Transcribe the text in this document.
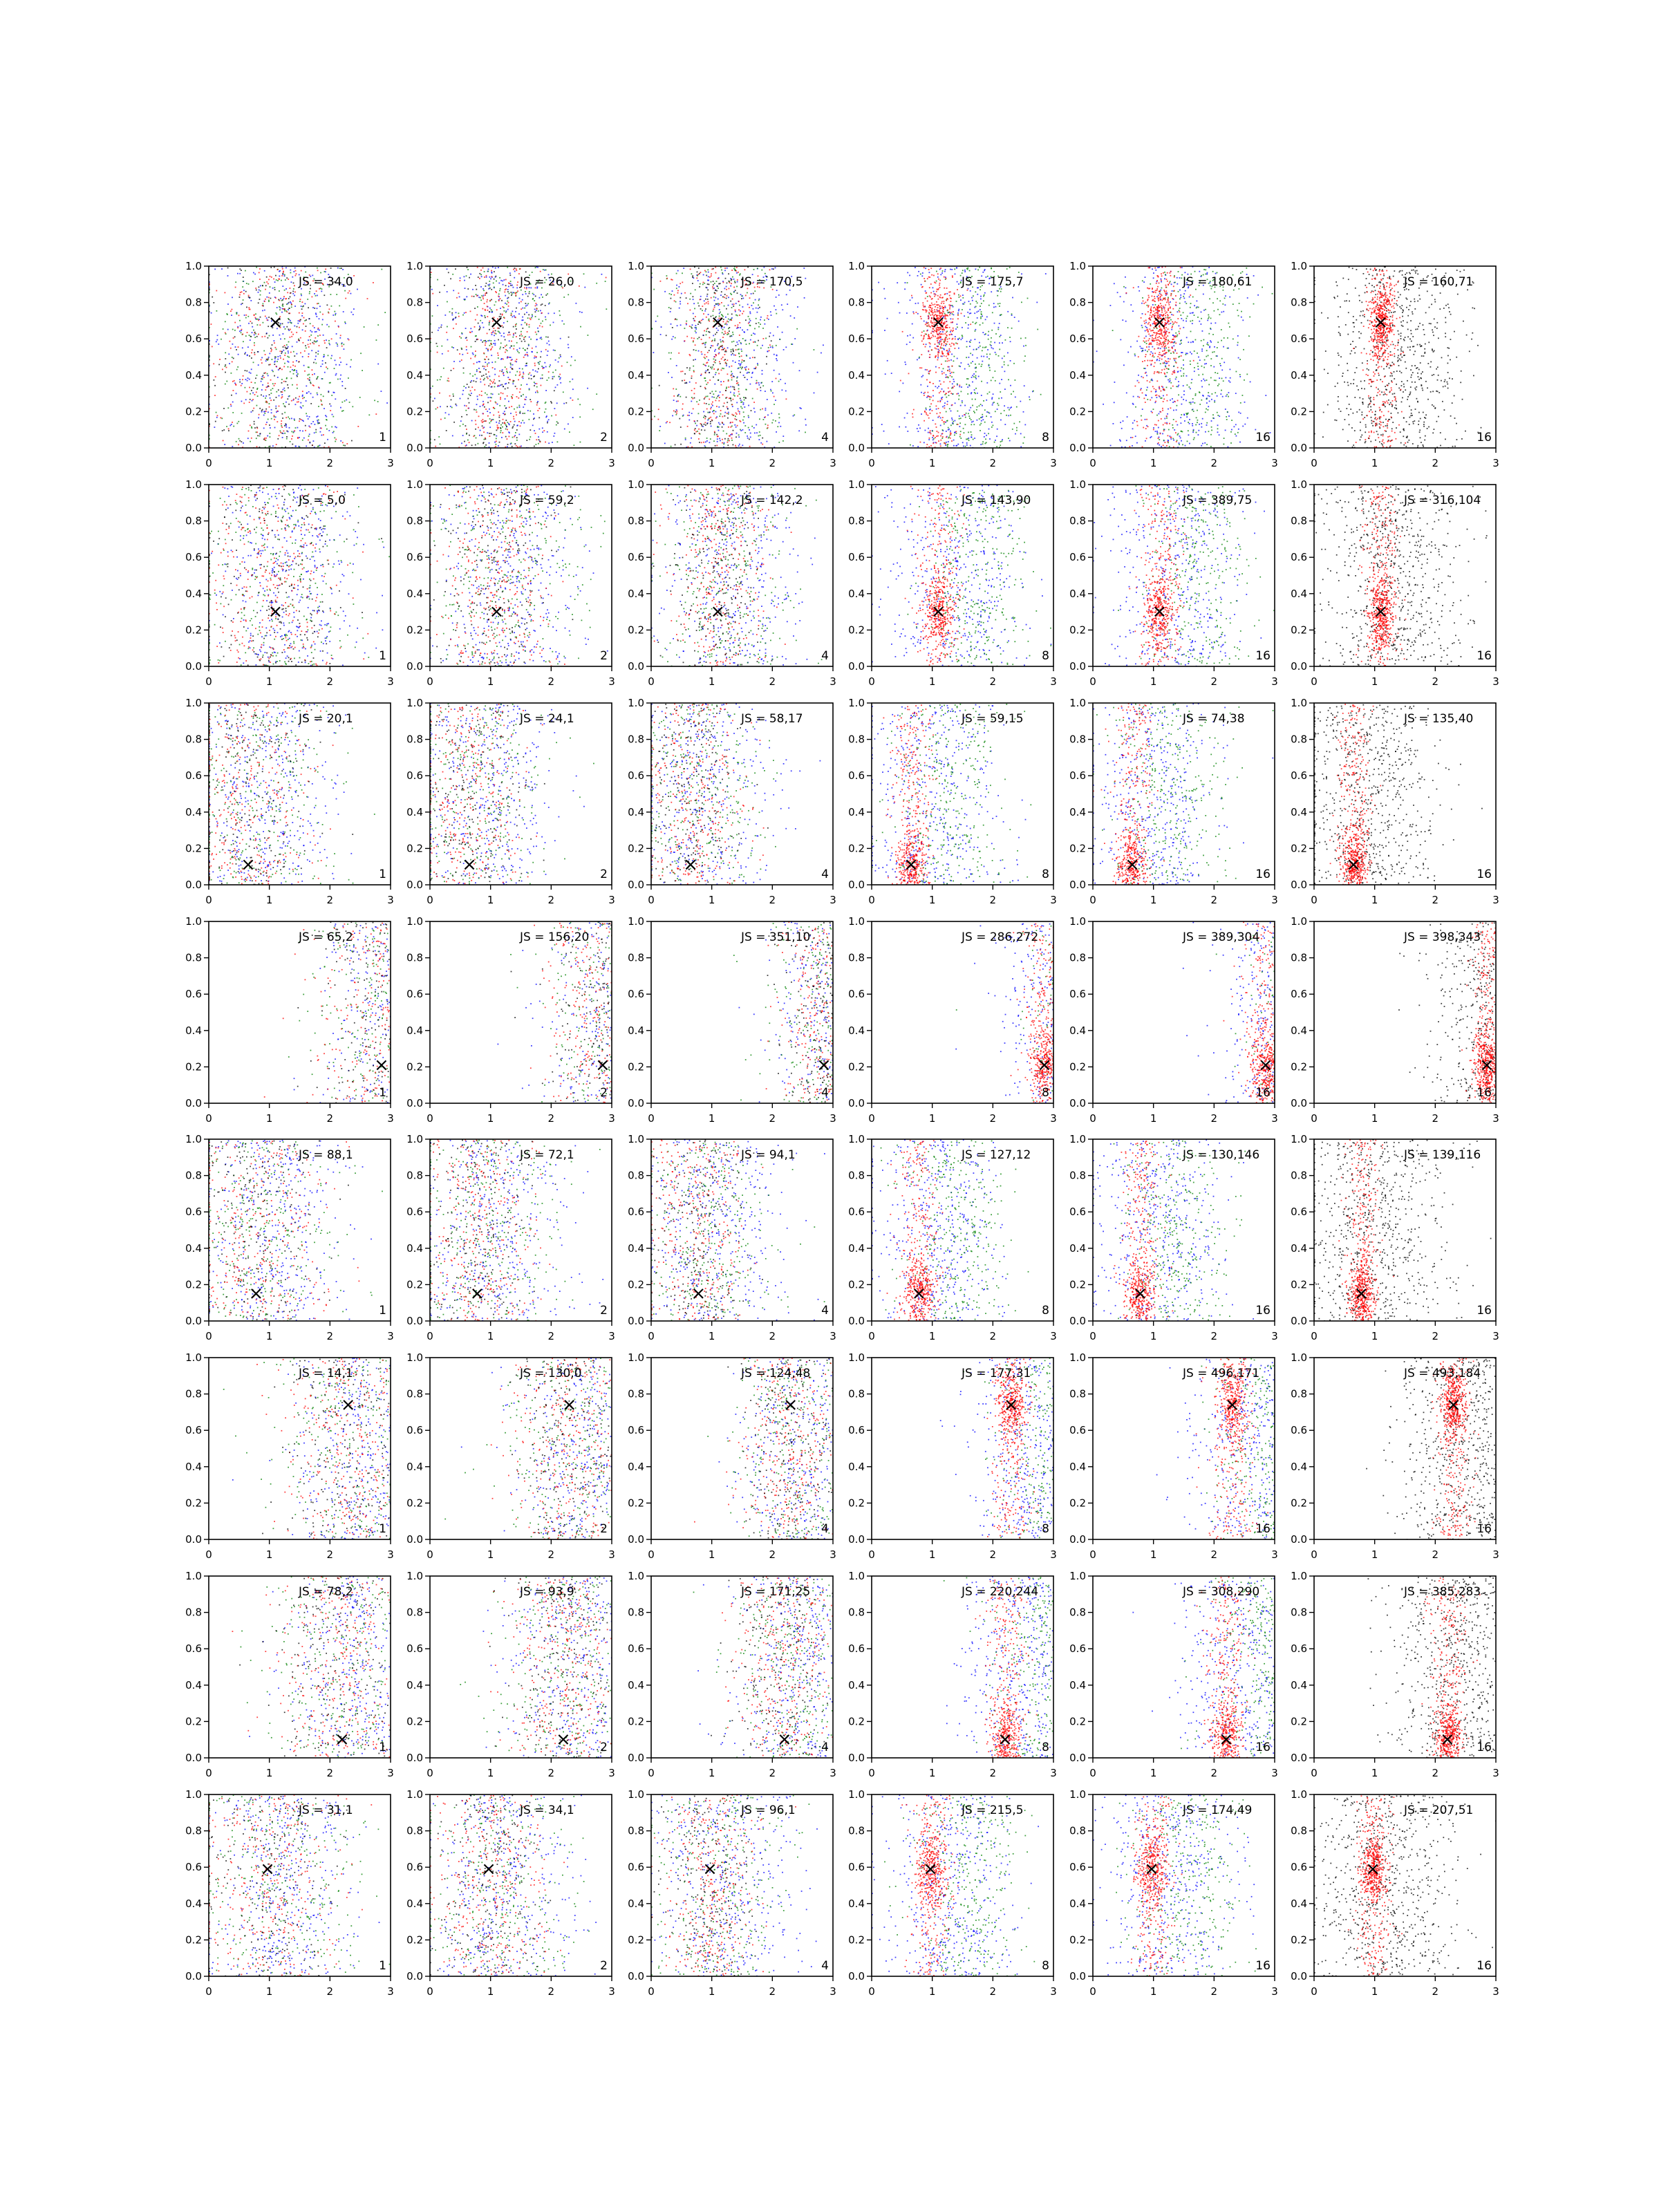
0	1	2	3
0.0
0.2
0.4
0.6
0.8
1.0
×
JS = 34,0
1
0	1	2	3
0.0
0.2
0.4
0.6
0.8
1.0
×
JS = 26,0
2
0	1	2	3
0.0
0.2
0.4
0.6
0.8
1.0
×
JS = 170,5
4
0	1	2	3
0.0
0.2
0.4
0.6
0.8
1.0
×
JS = 175,7
8
0	1	2	3
0.0
0.2
0.4
0.6
0.8
1.0
×
JS = 180,61
16
0	1	2	3
0.0
0.2
0.4
0.6
0.8
1.0
×
JS = 160,71
16
0	1	2	3
0.0
0.2
0.4
0.6
0.8
1.0
×
JS = 5,0
1
0	1	2	3
0.0
0.2
0.4
0.6
0.8
1.0
×
JS = 59,2
2
0	1	2	3
0.0
0.2
0.4
0.6
0.8
1.0
×
JS = 142,2
4
0	1	2	3
0.0
0.2
0.4
0.6
0.8
1.0
×
JS = 143,90
8
0	1	2	3
0.0
0.2
0.4
0.6
0.8
1.0
×
JS = 389,75
16
0	1	2	3
0.0
0.2
0.4
0.6
0.8
1.0
×
JS = 316,104
16
0	1	2	3
0.0
0.2
0.4
0.6
0.8
1.0
×
JS = 20,1
1
0	1	2	3
0.0
0.2
0.4
0.6
0.8
1.0
×
JS = 24,1
2
0	1	2	3
0.0
0.2
0.4
0.6
0.8
1.0
×
JS = 58,17
4
0	1	2	3
0.0
0.2
0.4
0.6
0.8
1.0
×
JS = 59,15
8
0	1	2	3
0.0
0.2
0.4
0.6
0.8
1.0
×
JS = 74,38
16
0	1	2	3
0.0
0.2
0.4
0.6
0.8
1.0
×
JS = 135,40
16
0	1	2	3
0.0
0.2
0.4
0.6
0.8
1.0
×
JS = 65,2
1
0	1	2	3
0.0
0.2
0.4
0.6
0.8
1.0
×
JS = 156,20
2
0	1	2	3
0.0
0.2
0.4
0.6
0.8
1.0
×
JS = 351,10
4
0	1	2	3
0.0
0.2
0.4
0.6
0.8
1.0
×
JS = 286,272
8
0	1	2	3
0.0
0.2
0.4
0.6
0.8
1.0
×
JS = 389,304
16
0	1	2	3
0.0
0.2
0.4
0.6
0.8
1.0
×
JS = 398,343
16
0	1	2	3
0.0
0.2
0.4
0.6
0.8
1.0
×
JS = 88,1
1
0	1	2	3
0.0
0.2
0.4
0.6
0.8
1.0
×
JS = 72,1
2
0	1	2	3
0.0
0.2
0.4
0.6
0.8
1.0
×
JS = 94,1
4
0	1	2	3
0.0
0.2
0.4
0.6
0.8
1.0
×
JS = 127,12
8
0	1	2	3
0.0
0.2
0.4
0.6
0.8
1.0
×
JS = 130,146
16
0	1	2	3
0.0
0.2
0.4
0.6
0.8
1.0
×
JS = 139,116
16
0	1	2	3
0.0
0.2
0.4
0.6
0.8
1.0
×
JS = 14,1
1
0	1	2	3
0.0
0.2
0.4
0.6
0.8
1.0
×
JS = 130,0
2
0	1	2	3
0.0
0.2
0.4
0.6
0.8
1.0
×
JS = 124,48
4
0	1	2	3
0.0
0.2
0.4
0.6
0.8
1.0
×
JS = 177,31
8
0	1	2	3
0.0
0.2
0.4
0.6
0.8
1.0
×
JS = 496,171
16
0	1	2	3
0.0
0.2
0.4
0.6
0.8
1.0
×
JS = 493,184
16
0	1	2	3
0.0
0.2
0.4
0.6
0.8
1.0
×
JS = 78,2
1
0	1	2	3
0.0
0.2
0.4
0.6
0.8
1.0
×
JS = 93,9
2
0	1	2	3
0.0
0.2
0.4
0.6
0.8
1.0
×
JS = 171,25
4
0	1	2	3
0.0
0.2
0.4
0.6
0.8
1.0
×
JS = 220,244
8
0	1	2	3
0.0
0.2
0.4
0.6
0.8
1.0
×
JS = 308,290
16
0	1	2	3
0.0
0.2
0.4
0.6
0.8
1.0
×
JS = 385,283
16
0	1	2	3
0.0
0.2
0.4
0.6
0.8
1.0
×
JS = 31,1
1
0	1	2	3
0.0
0.2
0.4
0.6
0.8
1.0
×
JS = 34,1
2
0	1	2	3
0.0
0.2
0.4
0.6
0.8
1.0
×
JS = 96,1
4
0	1	2	3
0.0
0.2
0.4
0.6
0.8
1.0
×
JS = 215,5
8
0	1	2	3
0.0
0.2
0.4
0.6
0.8
1.0
×
JS = 174,49
16
0	1	2	3
0.0
0.2
0.4
0.6
0.8
1.0
×
JS = 207,51
16
